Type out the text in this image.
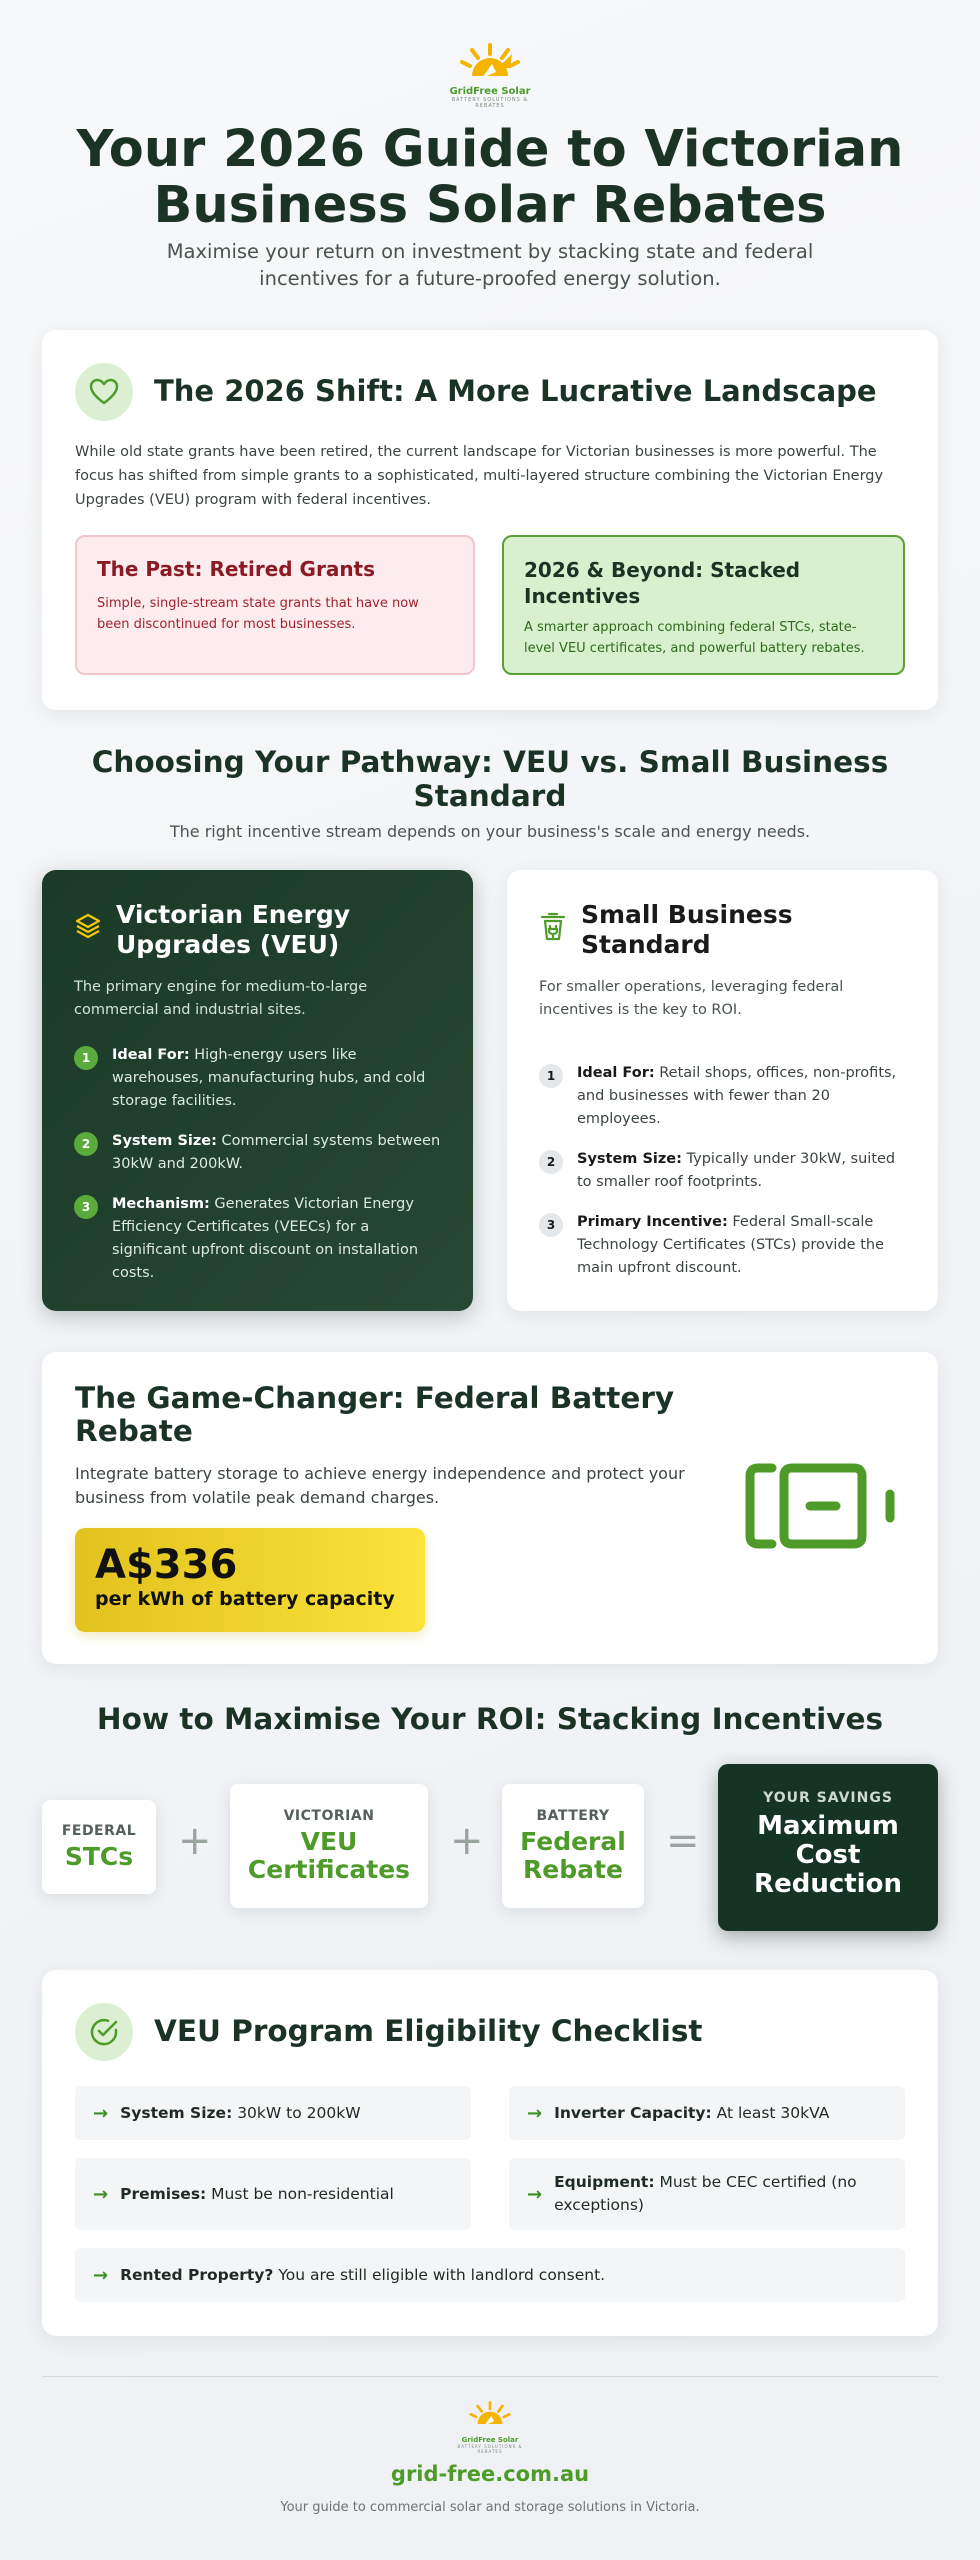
GridFree Solar
BATTERY SOLUTIONS & REBATES
Your 2026 Guide to Victorian Business Solar Rebates

Maximise your return on investment by stacking state and federal incentives for a future-proofed energy solution.

The 2026 Shift: A More Lucrative Landscape

While old state grants have been retired, the current landscape for Victorian businesses is more powerful. The focus has shifted from simple grants to a sophisticated, multi-layered structure combining the Victorian Energy Upgrades (VEU) program with federal incentives.

The Past: Retired Grants
Simple, single-stream state grants that have now been discontinued for most businesses.
2026 & Beyond: Stacked Incentives
A smarter approach combining federal STCs, state-level VEU certificates, and powerful battery rebates.
Choosing Your Pathway: VEU vs. Small Business Standard

The right incentive stream depends on your business's scale and energy needs.

Victorian Energy Upgrades (VEU)

The primary engine for medium-to-large commercial and industrial sites.

1	Ideal For: High-energy users like warehouses, manufacturing hubs, and cold storage facilities.
2	System Size: Commercial systems between 30kW and 200kW.
3	Mechanism: Generates Victorian Energy Efficiency Certificates (VEECs) for a significant upfront discount on installation costs.
Small Business Standard

For smaller operations, leveraging federal incentives is the key to ROI.

1	Ideal For: Retail shops, offices, non-profits, and businesses with fewer than 20 employees.
2	System Size: Typically under 30kW, suited to smaller roof footprints.
3	Primary Incentive: Federal Small-scale Technology Certificates (STCs) provide the main upfront discount.
The Game-Changer: Federal Battery Rebate

Integrate battery storage to achieve energy independence and protect your business from volatile peak demand charges.

A$336
per kWh of battery capacity
How to Maximise Your ROI: Stacking Incentives
FEDERAL
STCs +
VICTORIAN
VEU Certificates
+
BATTERY
Federal Rebate
=
YOUR SAVINGS
Maximum Cost Reduction
VEU Program Eligibility Checklist
→ System Size: 30kW to 200kW	→ Inverter Capacity: At least 30kVA
→ Premises: Must be non-residential	→
Equipment: Must be CEC certified (no exceptions)
→ Rented Property? You are still eligible with landlord consent.
GridFree Solar
BATTERY SOLUTIONS & REBATES
grid-free.com.au

Your guide to commercial solar and storage solutions in Victoria.
